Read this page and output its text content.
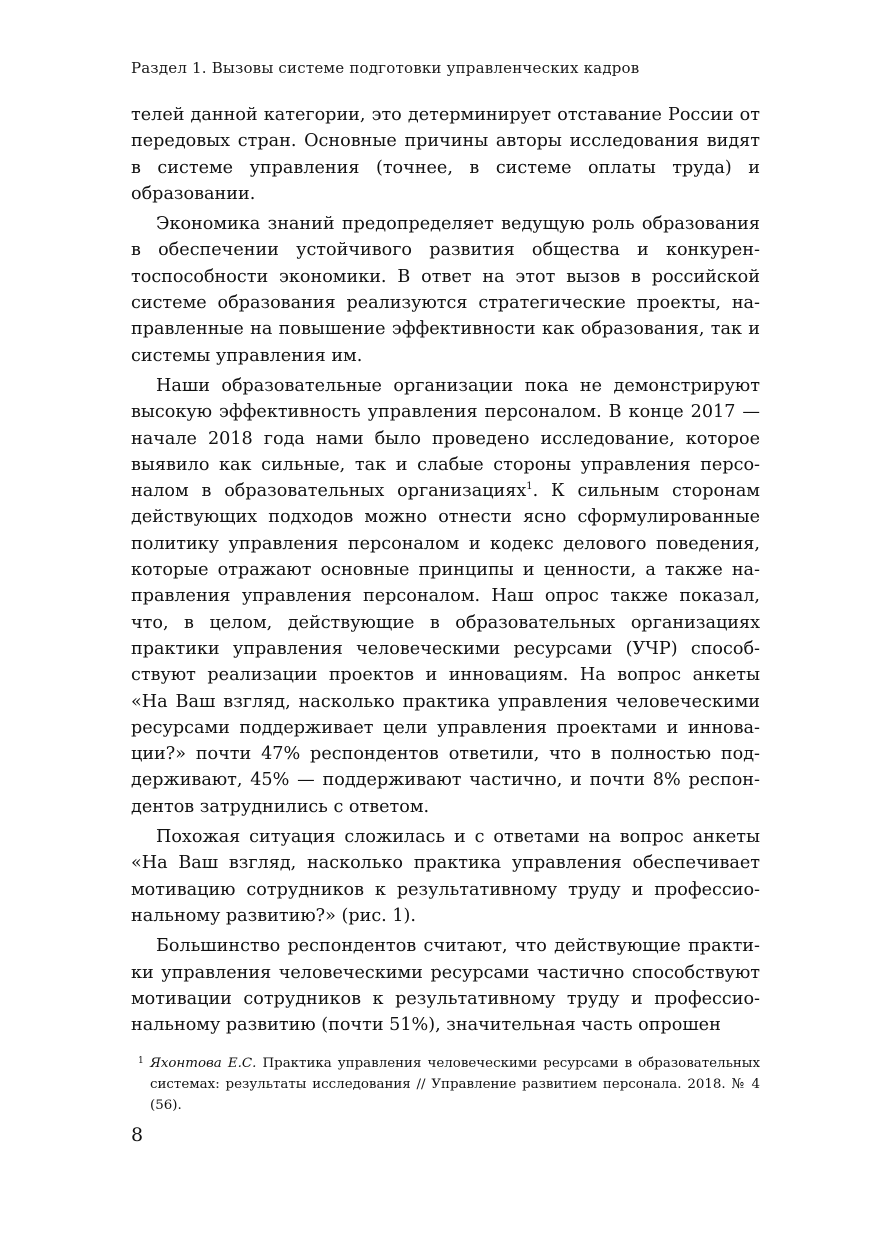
Раздел 1. Вызовы системе подготовки управленческих кадров

телей данной категории, это детерминирует отставание России от передовых стран. Основные причины авторы исследования видят в системе управления (точнее, в системе оплаты труда) и образовании.

Экономика знаний предопределяет ведущую роль образования в обеспечении устойчивого развития общества и конкурентоспособности экономики. В ответ на этот вызов в российской системе образования реализуются стратегические проекты, направленные на повышение эффективности как образования, так и системы управления им.

Наши образовательные организации пока не демонстрируют высокую эффективность управления персоналом. В конце 2017 — начале 2018 года нами было проведено исследование, которое выявило как сильные, так и слабые стороны управления персоналом в образовательных организациях$^1$. К сильным сторонам действующих подходов можно отнести ясно сформулированные политику управления персоналом и кодекс делового поведения, которые отражают основные принципы и ценности, а также направления управления персоналом. Наш опрос также показал, что, в целом, действующие в образовательных организациях практики управления человеческими ресурсами (УЧР) способствуют реализации проектов и инновациям. На вопрос анкеты «На Ваш взгляд, насколько практика управления человеческими ресурсами поддерживает цели управления проектами и инновации?» почти 47% респондентов ответили, что в полностью поддерживают, 45% — поддерживают частично, и почти 8% респондентов затруднились с ответом.

Похожая ситуация сложилась и с ответами на вопрос анкеты «На Ваш взгляд, насколько практика управления обеспечивает мотивацию сотрудников к результативному труду и профессиональному развитию?» (рис. 1).

Большинство респондентов считают, что действующие практики управления человеческими ресурсами частично способствуют мотивации сотрудников к результативному труду и профессиональному развитию (почти 51%), значительная часть опрошен

1 Яхонтова Е.С. Практика управления человеческими ресурсами в образовательных системах: результаты исследования // Управление развитием персонала. 2018. № 4 (56).
8
